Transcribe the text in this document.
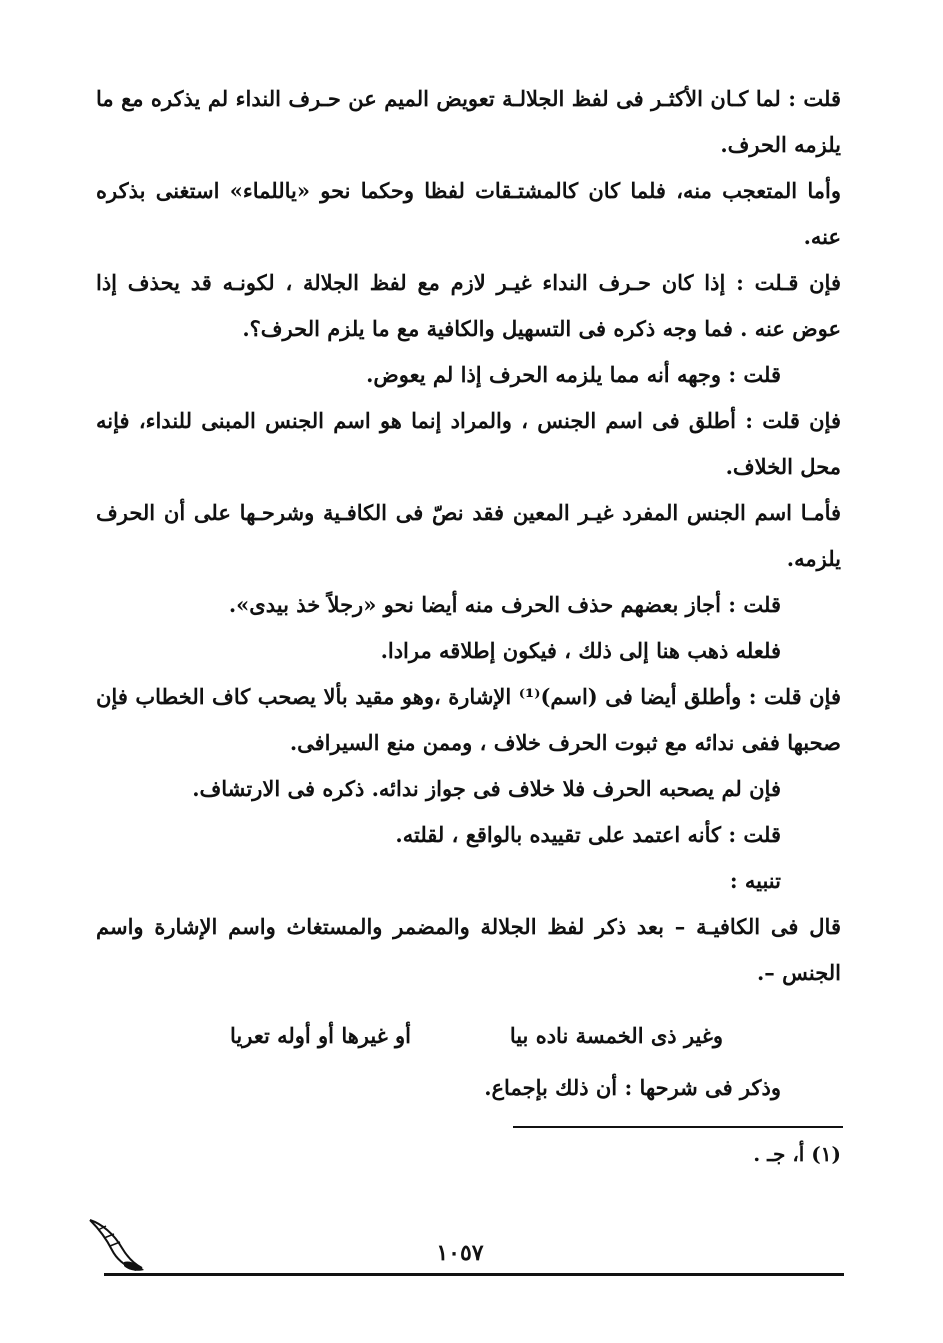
قلت : لما كـان الأكثـر فى لفظ الجلالـة تعويض الميم عن حـرف النداء لم يذكره مع ما يلزمه الحرف.

وأما المتعجب منه، فلما كان كالمشتـقات لفظا وحكما نحو «ياللماء» استغنى بذكره عنه.

فإن قـلت : إذا كان حـرف النداء غيـر لازم مع لفظ الجلالة ، لكونـه قد يحذف إذا عوض عنه . فما وجه ذكره فى التسهيل والكافية مع ما يلزم الحرف؟.

قلت : وجهه أنه مما يلزمه الحرف إذا لم يعوض.

فإن قلت : أطلق فى اسم الجنس ، والمراد إنما هو اسم الجنس المبنى للنداء، فإنه محل الخلاف.

فأمـا اسم الجنس المفرد غيـر المعين فقد نصّ فى الكافـية وشرحـها على أن الحرف يلزمه.

قلت : أجاز بعضهم حذف الحرف منه أيضا نحو «رجلاً خذ بيدى».

فلعله ذهب هنا إلى ذلك ، فيكون إطلاقه مرادا.

فإن قلت : وأطلق أيضا فى (اسم)⁽¹⁾ الإشارة ،وهو مقيد بألا يصحب كاف الخطاب فإن صحبها ففى ندائه مع ثبوت الحرف خلاف ، وممن منع السيرافى.

فإن لم يصحبه الحرف فلا خلاف فى جواز ندائه. ذكره فى الارتشاف.

قلت : كأنه اعتمد على تقييده بالواقع ، لقلته.

تنبيه :

قال فى الكافيـة – بعد ذكر لفظ الجلالة والمضمر والمستغاث واسم الإشارة واسم الجنس –.

وغير ذى الخمسة ناده بيا
أو غيرها أو أوله تعريا
وذكر فى شرحها : أن ذلك بإجماع.
(١) أ، جـ .
١٠٥٧
